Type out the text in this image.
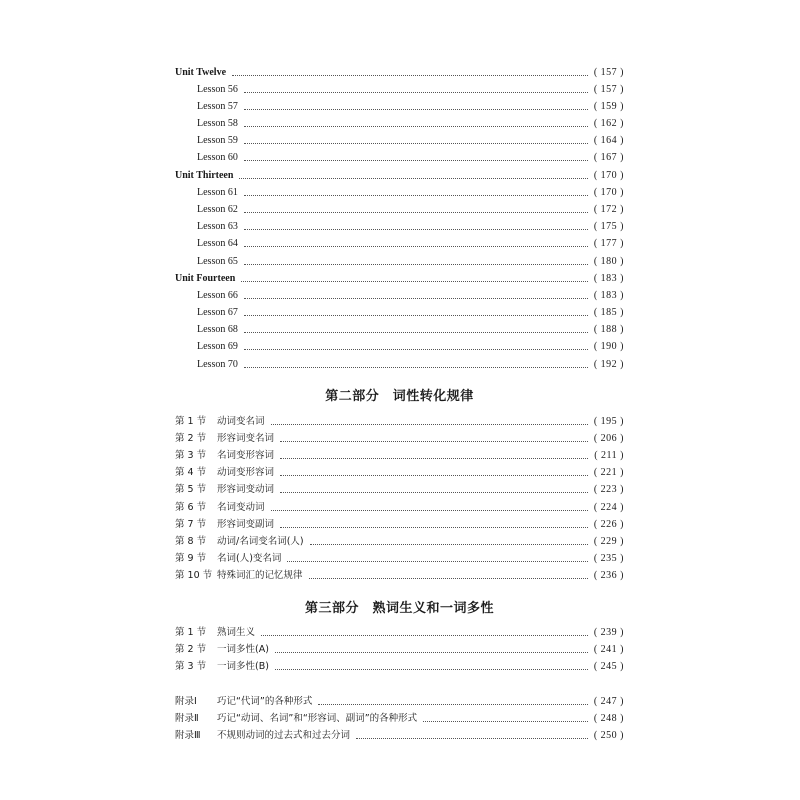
Unit Twelve	( 157 )
Lesson 56	( 157 )
Lesson 57	( 159 )
Lesson 58	( 162 )
Lesson 59	( 164 )
Lesson 60	( 167 )
Unit Thirteen	( 170 )
Lesson 61	( 170 )
Lesson 62	( 172 )
Lesson 63	( 175 )
Lesson 64	( 177 )
Lesson 65	( 180 )
Unit Fourteen	( 183 )
Lesson 66	( 183 )
Lesson 67	( 185 )
Lesson 68	( 188 )
Lesson 69	( 190 )
Lesson 70	( 192 )
第二部分　词性转化规律
第 1 节	动词变名词	( 195 )
第 2 节	形容词变名词	( 206 )
第 3 节	名词变形容词	( 211 )
第 4 节	动词变形容词	( 221 )
第 5 节	形容词变动词	( 223 )
第 6 节	名词变动词	( 224 )
第 7 节	形容词变副词	( 226 )
第 8 节	动词/名词变名词(人)	( 229 )
第 9 节	名词(人)变名词	( 235 )
第 10 节 特殊词汇的记忆规律	( 236 )
第三部分　熟词生义和一词多性
第 1 节	熟词生义	( 239 )
第 2 节	一词多性(A)	( 241 )
第 3 节	一词多性(B)	( 245 )
附录Ⅰ	巧记“代词”的各种形式	( 247 )
附录Ⅱ	巧记“动词、名词”和“形容词、副词”的各种形式	( 248 )
附录Ⅲ	不规则动词的过去式和过去分词	( 250 )
